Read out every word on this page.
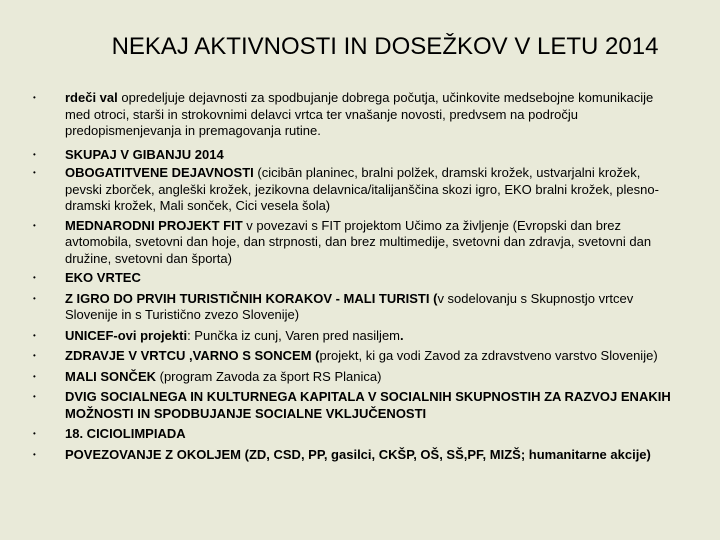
NEKAJ AKTIVNOSTI IN DOSEŽKOV V LETU 2014
• rdeči val opredeljuje dejavnosti za spodbujanje dobrega počutja, učinkovite medsebojne komunikacije med otroci, starši in strokovnimi delavci vrtca ter vnašanje novosti, predvsem na področju predopismenjevanja in premagovanja rutine.
• SKUPAJ V GIBANJU 2014
• OBOGATITVENE DEJAVNOSTI (cicibān planinec, bralni polžek, dramski krožek, ustvarjalni krožek, pevski zborček, angleški krožek, jezikovna delavnica/italijanščina skozi igro, EKO bralni krožek, plesno-dramski krožek, Mali sonček, Cici vesela šola)
• MEDNARODNI PROJEKT FIT v povezavi s FIT projektom Učimo za življenje (Evropski dan brez avtomobila, svetovni dan hoje, dan strpnosti, dan brez multimedije, svetovni dan zdravja, svetovni dan družine, svetovni dan športa)
• EKO VRTEC
• Z IGRO DO PRVIH TURISTIČNIH KORAKOV - MALI TURISTI (v sodelovanju s Skupnostjo vrtcev Slovenije in s Turistično zvezo Slovenije)
• UNICEF-ovi projekti: Punčka iz cunj, Varen pred nasiljem.
• ZDRAVJE V VRTCU ,VARNO S SONCEM (projekt, ki ga vodi Zavod za zdravstveno varstvo Slovenije)
• MALI SONČEK (program Zavoda za šport RS Planica)
• DVIG SOCIALNEGA IN KULTURNEGA KAPITALA V SOCIALNIH SKUPNOSTIH ZA RAZVOJ ENAKIH MOŽNOSTI IN SPODBUJANJE SOCIALNE VKLJUČENOSTI
• 18. CICIOLIMPIADA
• POVEZOVANJE Z OKOLJEM (ZD, CSD, PP, gasilci, CKŠP, OŠ, SŠ,PF, MIZŠ; humanitarne akcije)
